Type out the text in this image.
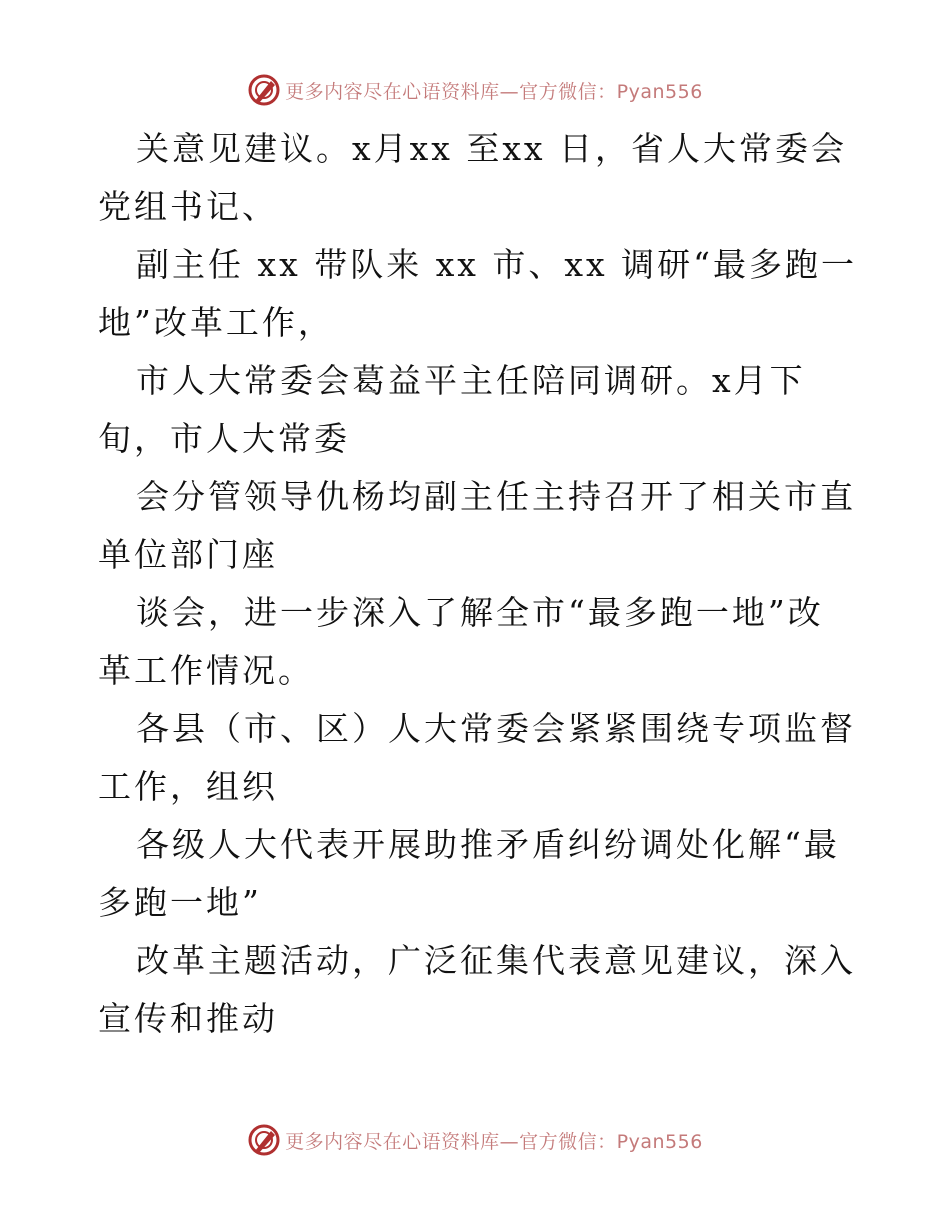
更多内容尽在心语资料库—官方微信：Pyan556

关意见建议。x月xx 至xx 日，省人大常委会党组书记、

副主任 xx 带队来 xx 市、xx 调研“最多跑一地”改革工作，

市人大常委会葛益平主任陪同调研。x月下旬，市人大常委

会分管领导仇杨均副主任主持召开了相关市直单位部门座

谈会，进一步深入了解全市“最多跑一地”改革工作情况。

各县（市、区）人大常委会紧紧围绕专项监督工作，组织

各级人大代表开展助推矛盾纠纷调处化解“最多跑一地”

改革主题活动，广泛征集代表意见建议，深入宣传和推动

更多内容尽在心语资料库—官方微信：Pyan556
